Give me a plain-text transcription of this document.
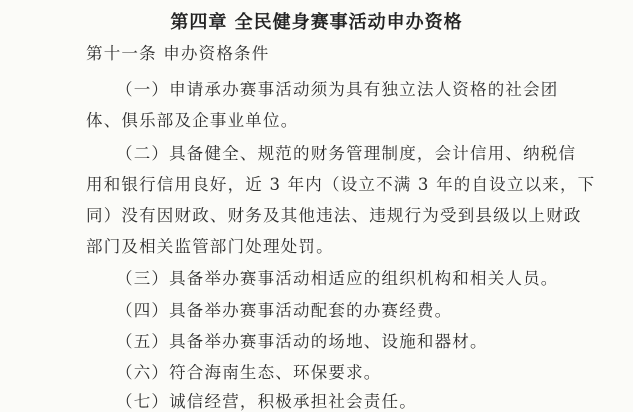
第四章 全民健身赛事活动申办资格
第十一条 申办资格条件
（一）申请承办赛事活动须为具有独立法人资格的社会团
体、俱乐部及企事业单位。
（二）具备健全、规范的财务管理制度，会计信用、纳税信
用和银行信用良好，近 3 年内（设立不满 3 年的自设立以来，下
同）没有因财政、财务及其他违法、违规行为受到县级以上财政
部门及相关监管部门处理处罚。
（三）具备举办赛事活动相适应的组织机构和相关人员。
（四）具备举办赛事活动配套的办赛经费。
（五）具备举办赛事活动的场地、设施和器材。
（六）符合海南生态、环保要求。
（七）诚信经营，积极承担社会责任。
